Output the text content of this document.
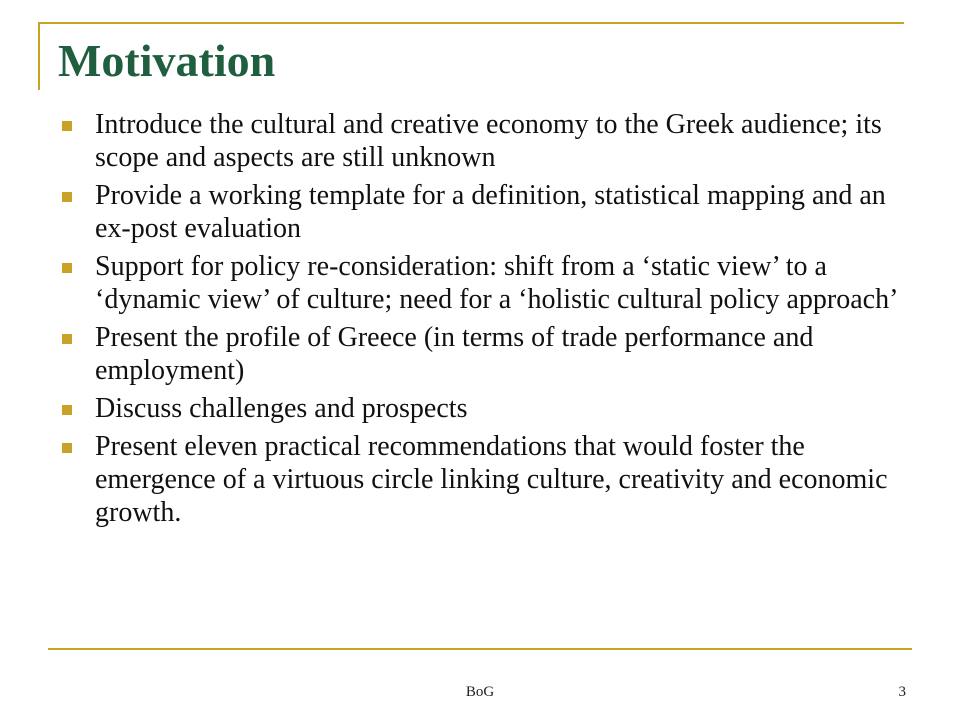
Motivation
Introduce the cultural and creative economy to the Greek audience; its scope and aspects are still unknown
Provide a working template for a definition, statistical mapping and an ex-post evaluation
Support for policy re-consideration: shift from a ‘static view’ to a ‘dynamic view’ of culture; need for a ‘holistic cultural policy approach’
Present the profile of Greece (in terms of trade performance and employment)
Discuss challenges and prospects
Present eleven practical recommendations that would foster the emergence of a virtuous circle linking culture, creativity and economic growth.
BoG	3
